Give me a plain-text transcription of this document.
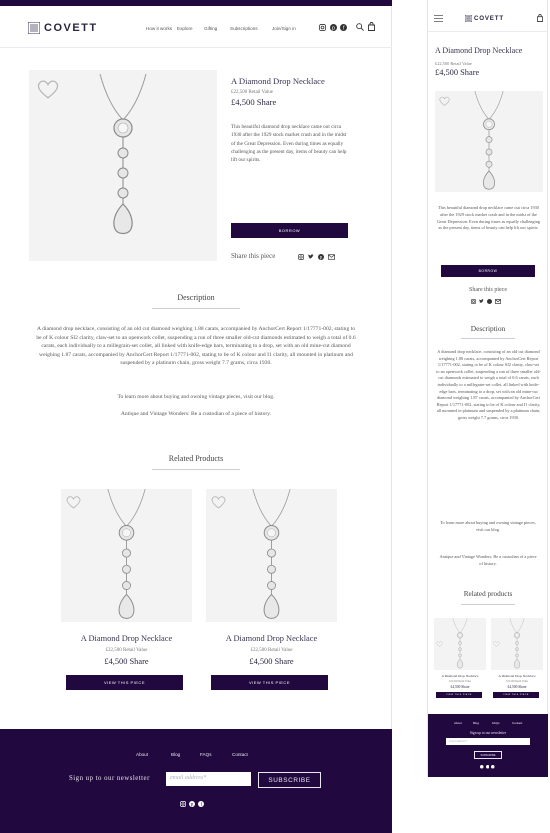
COVETT	How it works	Explore	Gifting	Subscriptions	Join/Sign in	p f
A Diamond Drop Necklace
£22,500 Retail Value
£4,500 Share
This beautiful diamond drop necklace came out circa 1930 after the 1929 stock market crash and in the midst of the Great Depression. Even during times as equally challenging as the present day, items of beauty can help lift our spirits.
BORROW
Share this piece	p
Description
A diamond drop necklace, consisting of an old cut diamond weighing 1.88 carats, accompanied by AnchorCert Report 1/17771-002, stating to be of K colour SI2 clarity, claw-set to an openwork collet, suspending a run of three smaller old-cut diamonds estimated to weigh a total of 0.6 carats, each individually to a millegrain-set collet, all linked with knife-edge bars, terminating to a drop, set with an old mine-cut diamond weighing 1.87 carats, accompanied by AnchorCert Report 1/17771-002, stating to be of K colour and I1 clarity, all mounted in platinum and suspended by a platinum chain, gross weight 7.7 grams, circa 1930.
To learn more about buying and owning vintage pieces, visit our blog.
Antique and Vintage Wonders: Be a custodian of a piece of history.
Related Products
A Diamond Drop Necklace
£22,500 Retail Value
£4,500 Share
VIEW THIS PIECE
A Diamond Drop Necklace
£22,500 Retail Value
£4,500 Share
VIEW THIS PIECE
About	Blog	FAQs	Contact
Sign up to our newsletter	email address*	SUBSCRIBE
p f
COVETT
A Diamond Drop Necklace
£22,500 Retail Value
£4,500 Share
This beautiful diamond drop necklace came out circa 1930 after the 1929 stock market crash and in the midst of the Great Depression. Even during times as equally challenging as the present day, items of beauty can help lift our spirits.
BORROW
Share this piece
Description
A diamond drop necklace, consisting of an old cut diamond weighing 1.88 carats, accompanied by AnchorCert Report 1/17771-002, stating to be of K colour SI2 clarity, claw-set to an openwork collet, suspending a run of three smaller old-cut diamonds estimated to weigh a total of 0.6 carats, each individually to a millegrain-set collet, all linked with knife-edge bars, terminating to a drop, set with an old mine-cut diamond weighing 1.87 carats, accompanied by AnchorCert Report 1/17771-002, stating to be of K colour and I1 clarity, all mounted in platinum and suspended by a platinum chain, gross weight 7.7 grams, circa 1930.
To learn more about buying and owning vintage pieces, visit our blog.
Antique and Vintage Wonders: Be a custodian of a piece of history.
Related products
A Diamond Drop Necklace
£22,500 Retail Value
£4,500 Share
VIEW THIS PIECE
A Diamond Drop Necklace
£22,500 Retail Value
£4,500 Share
VIEW THIS PIECE
About	Blog	FAQs	Contact
Sign up to our newsletter
email address*
SUBSCRIBE
